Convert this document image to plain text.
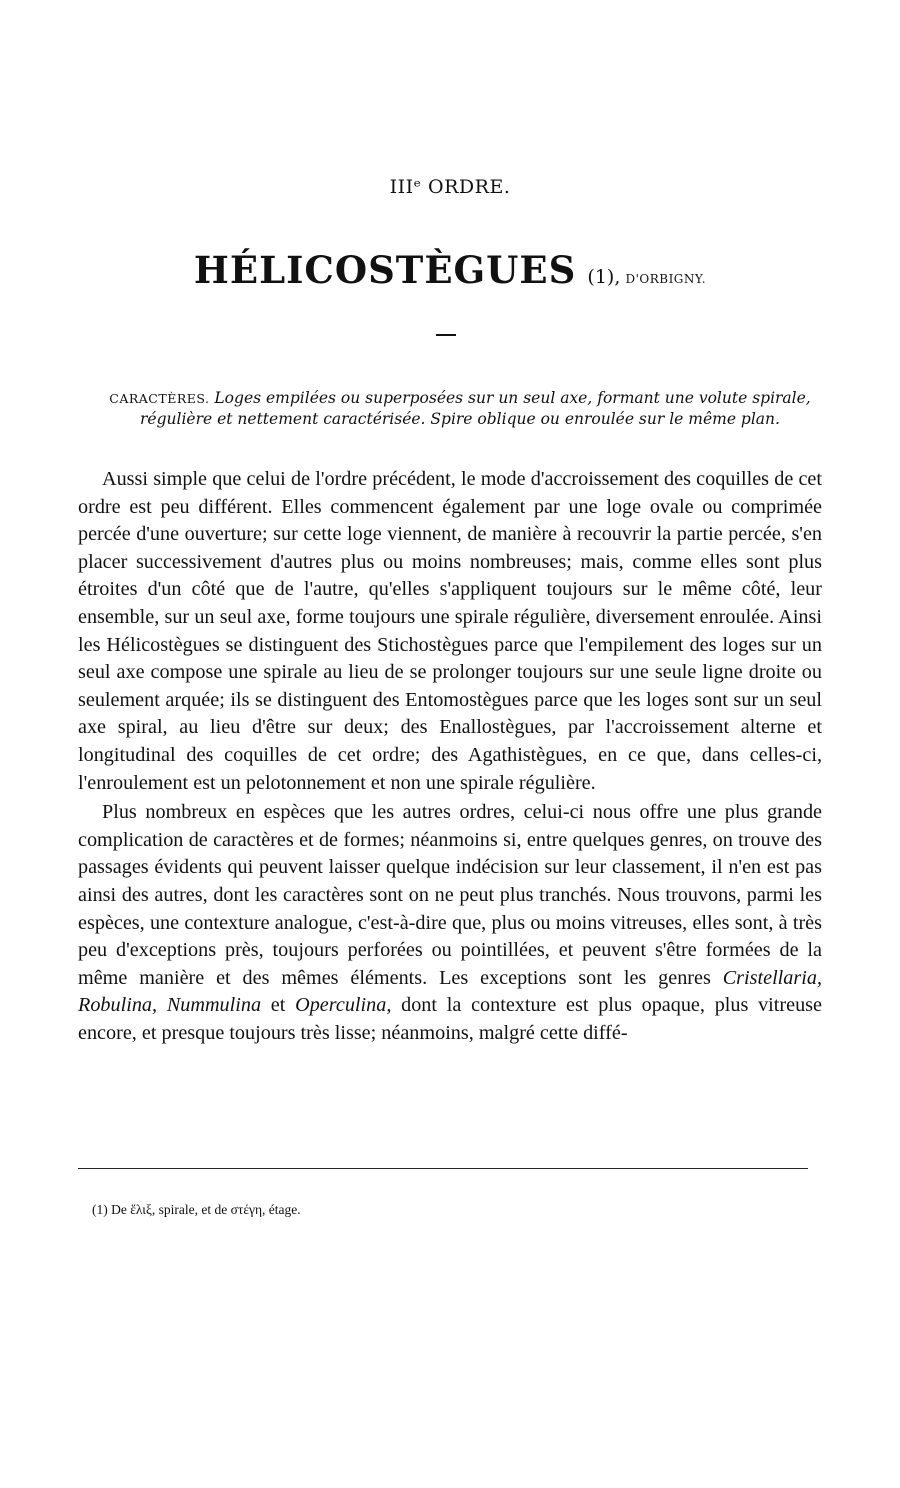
IIIᵉ ORDRE.
HÉLICOSTÈGUES (1), D'ORBIGNY.
CARACTÈRES. Loges empilées ou superposées sur un seul axe, formant une volute spirale, régulière et nettement caractérisée. Spire oblique ou enroulée sur le même plan.

Aussi simple que celui de l'ordre précédent, le mode d'accroissement des coquilles de cet ordre est peu différent. Elles commencent également par une loge ovale ou comprimée percée d'une ouverture; sur cette loge viennent, de manière à recouvrir la partie percée, s'en placer successivement d'autres plus ou moins nombreuses; mais, comme elles sont plus étroites d'un côté que de l'autre, qu'elles s'appliquent toujours sur le même côté, leur ensemble, sur un seul axe, forme toujours une spirale régulière, diversement enroulée. Ainsi les Hélicostègues se distinguent des Stichostègues parce que l'empilement des loges sur un seul axe compose une spirale au lieu de se prolonger toujours sur une seule ligne droite ou seulement arquée; ils se distinguent des Entomostègues parce que les loges sont sur un seul axe spiral, au lieu d'être sur deux; des Enallostègues, par l'accroissement alterne et longitudinal des coquilles de cet ordre; des Agathistègues, en ce que, dans celles-ci, l'enroulement est un pelotonnement et non une spirale régulière.

Plus nombreux en espèces que les autres ordres, celui-ci nous offre une plus grande complication de caractères et de formes; néanmoins si, entre quelques genres, on trouve des passages évidents qui peuvent laisser quelque indécision sur leur classement, il n'en est pas ainsi des autres, dont les caractères sont on ne peut plus tranchés. Nous trouvons, parmi les espèces, une contexture analogue, c'est-à-dire que, plus ou moins vitreuses, elles sont, à très peu d'exceptions près, toujours perforées ou pointillées, et peuvent s'être formées de la même manière et des mêmes éléments. Les exceptions sont les genres Cristellaria, Robulina, Nummulina et Operculina, dont la contexture est plus opaque, plus vitreuse encore, et presque toujours très lisse; néanmoins, malgré cette diffé-

(1) De ἕλιξ, spirale, et de στέγη, étage.
